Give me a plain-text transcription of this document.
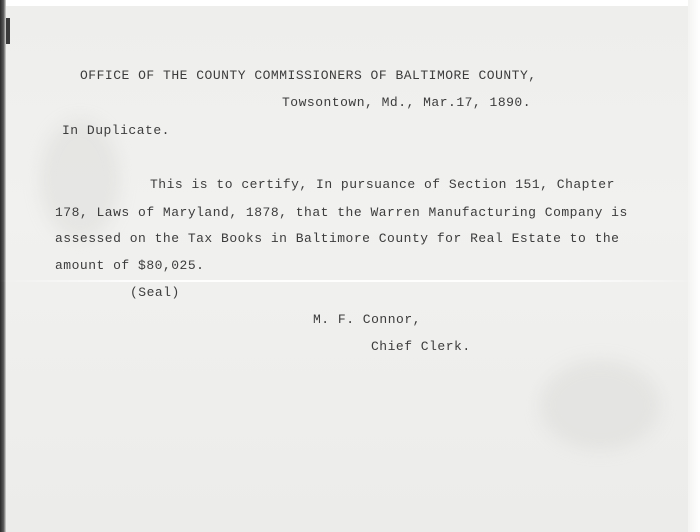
OFFICE OF THE COUNTY COMMISSIONERS OF BALTIMORE COUNTY,

Towsontown, Md., Mar.17, 1890.

In Duplicate.

This is to certify, In pursuance of Section 151, Chapter

178, Laws of Maryland, 1878, that the Warren Manufacturing Company is

assessed on the Tax Books in Baltimore County for Real Estate to the

amount of $80,025.

(Seal)

M. F. Connor,

Chief Clerk.
